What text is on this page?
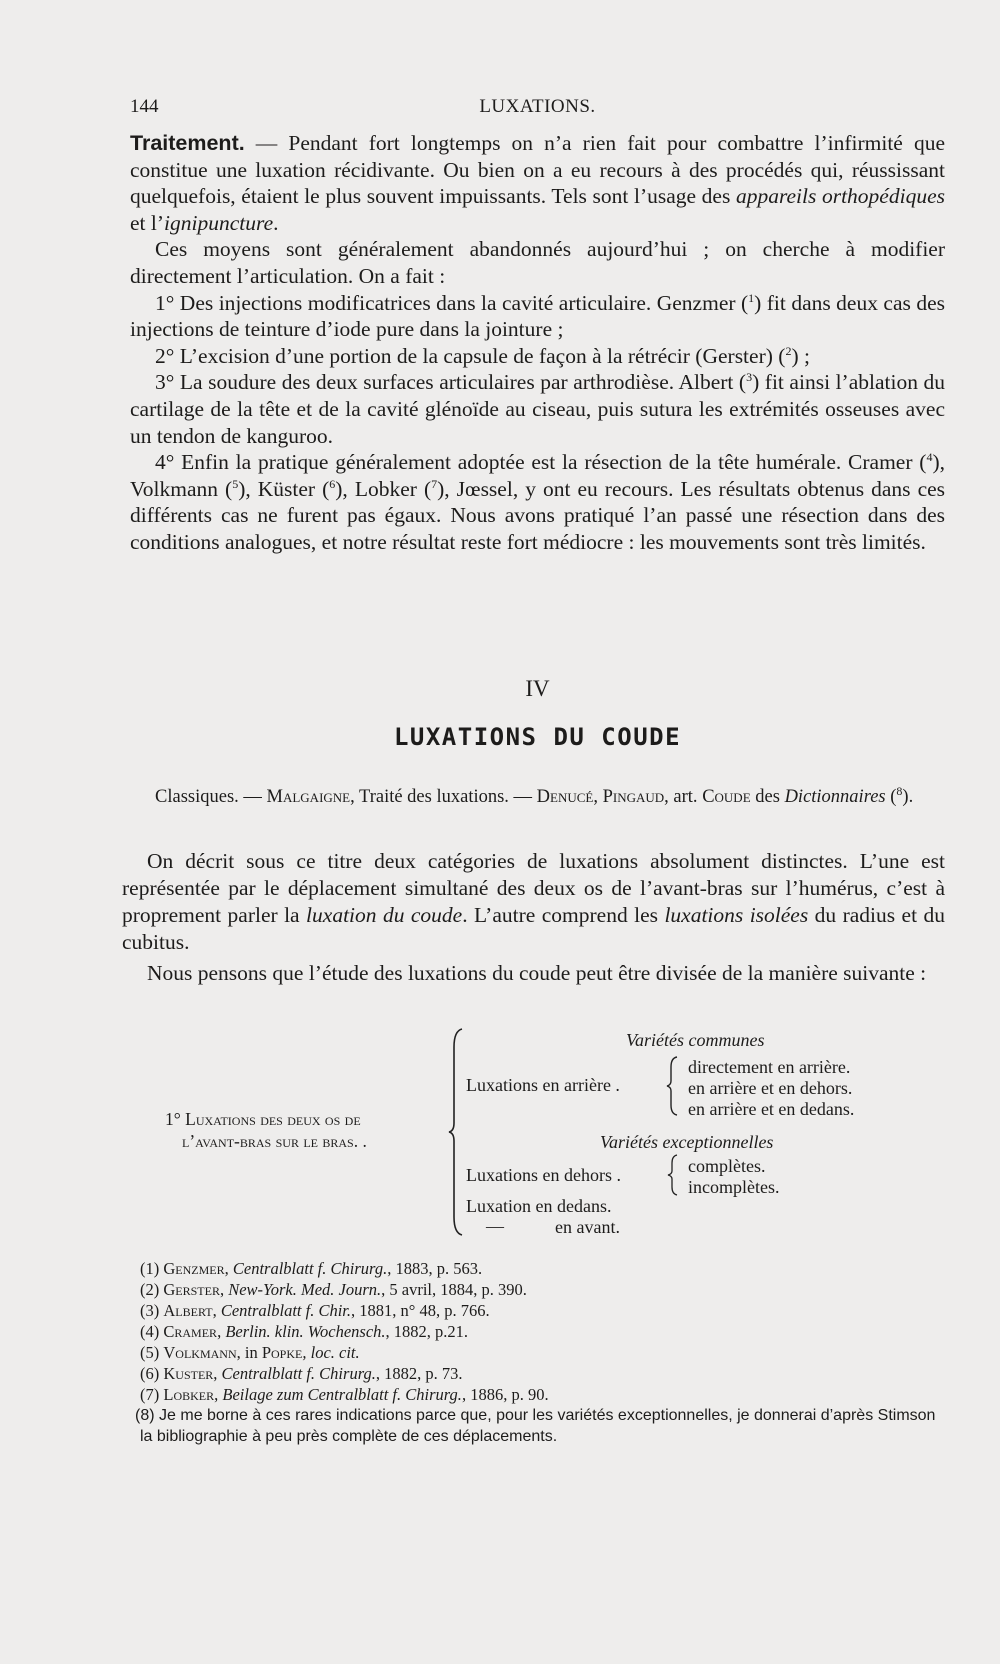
144	LUXATIONS.

Traitement. — Pendant fort longtemps on n’a rien fait pour combattre l’infirmité que constitue une luxation récidivante. Ou bien on a eu recours à des procédés qui, réussissant quelquefois, étaient le plus souvent impuissants. Tels sont l’usage des appareils orthopédiques et l’ignipuncture.

Ces moyens sont généralement abandonnés aujourd’hui ; on cherche à modifier directement l’articulation. On a fait :

1° Des injections modificatrices dans la cavité articulaire. Genzmer ($^1$) fit dans deux cas des injections de teinture d’iode pure dans la jointure ;

2° L’excision d’une portion de la capsule de façon à la rétrécir (Gerster) ($^2$) ;

3° La soudure des deux surfaces articulaires par arthrodièse. Albert ($^3$) fit ainsi l’ablation du cartilage de la tête et de la cavité glénoïde au ciseau, puis sutura les extrémités osseuses avec un tendon de kanguroo.

4° Enfin la pratique généralement adoptée est la résection de la tête humérale. Cramer ($^4$), Volkmann ($^5$), Küster ($^6$), Lobker ($^7$), Jœssel, y ont eu recours. Les résultats obtenus dans ces différents cas ne furent pas égaux. Nous avons pratiqué l’an passé une résection dans des conditions analogues, et notre résultat reste fort médiocre : les mouvements sont très limités.

IV
LUXATIONS DU COUDE

Classiques. — Malgaigne, Traité des luxations. — Denucé, Pingaud, art. Coude des Dictionnaires ($^8$).

On décrit sous ce titre deux catégories de luxations absolument distinctes. L’une est représentée par le déplacement simultané des deux os de l’avant-bras sur l’humérus, c’est à proprement parler la luxation du coude. L’autre comprend les luxations isolées du radius et du cubitus.

Nous pensons que l’étude des luxations du coude peut être divisée de la manière suivante :

1° Luxations des deux os de
l’avant-bras sur le bras. .
Variétés communes
Luxations en arrière .
directement en arrière.
en arrière et en dehors.
en arrière et en dedans.
Variétés exceptionnelles
Luxations en dehors .	complètes.
incomplètes.
Luxation en dedans.
—	en avant.

(1) Genzmer, Centralblatt f. Chirurg., 1883, p. 563.

(2) Gerster, New-York. Med. Journ., 5 avril, 1884, p. 390.

(3) Albert, Centralblatt f. Chir., 1881, n° 48, p. 766.

(4) Cramer, Berlin. klin. Wochensch., 1882, p.21.

(5) Volkmann, in Popke, loc. cit.

(6) Kuster, Centralblatt f. Chirurg., 1882, p. 73.

(7) Lobker, Beilage zum Centralblatt f. Chirurg., 1886, p. 90.

(8) Je me borne à ces rares indications parce que, pour les variétés exceptionnelles, je donnerai d’après Stimson la bibliographie à peu près complète de ces déplacements.
